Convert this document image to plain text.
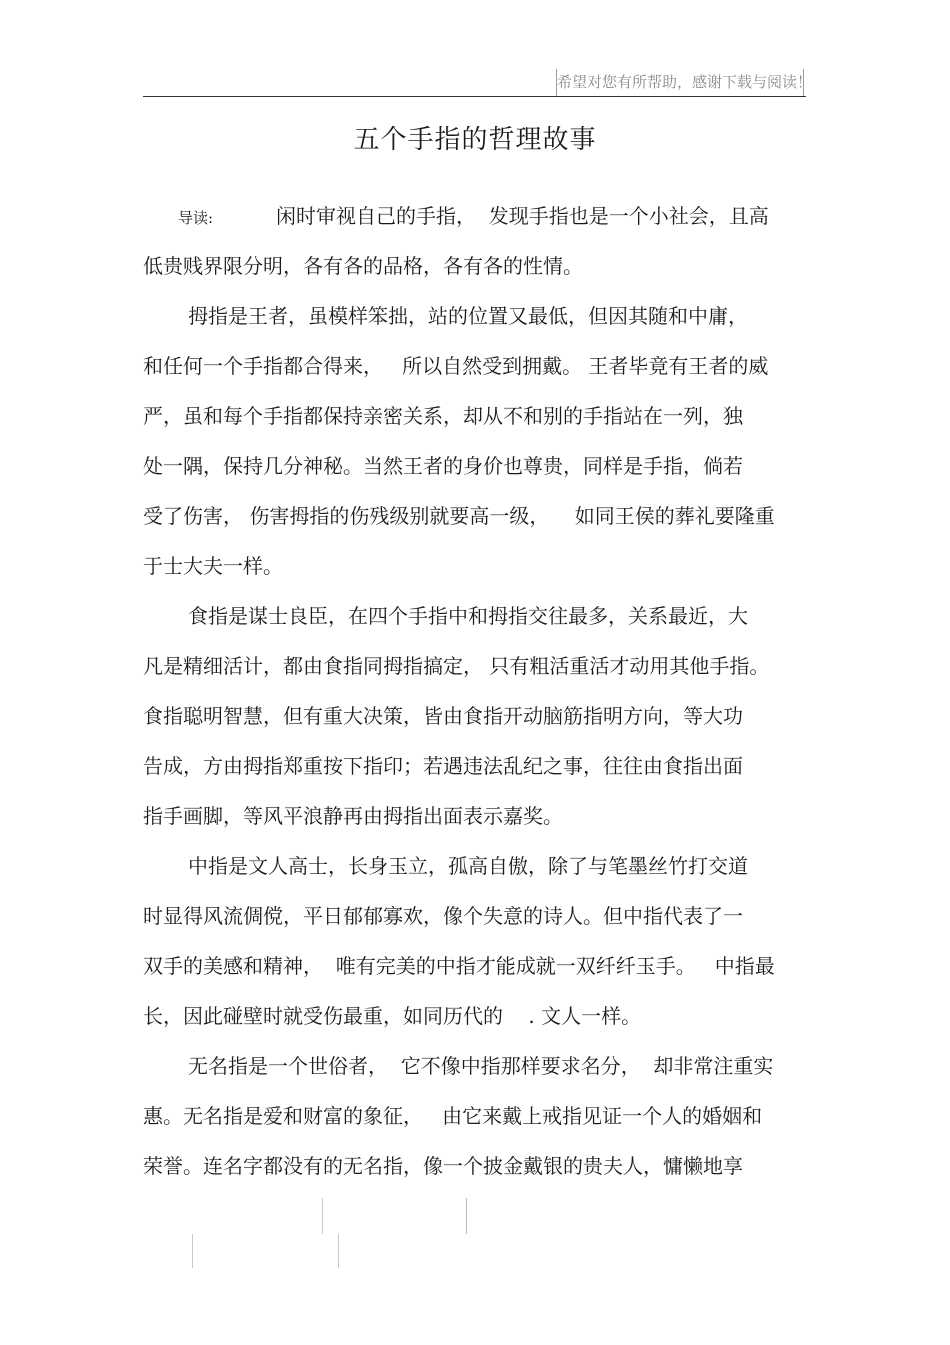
希望对您有所帮助，感谢下载与阅读！
五个手指的哲理故事
导读:	闲时审视自己的手指，  发现手指也是一个小社会，且高
低贵贱界限分明，各有各的品格，各有各的性情。
拇指是王者，虽模样笨拙，站的位置又最低，但因其随和中庸，
和任何一个手指都合得来，   所以自然受到拥戴。 王者毕竟有王者的威
严，虽和每个手指都保持亲密关系，却从不和别的手指站在一列，独
处一隅，保持几分神秘。当然王者的身价也尊贵，同样是手指，倘若
受了伤害， 伤害拇指的伤残级别就要高一级，    如同王侯的葬礼要隆重
于士大夫一样。
食指是谋士良臣，在四个手指中和拇指交往最多，关系最近，大
凡是精细活计，都由食指同拇指搞定， 只有粗活重活才动用其他手指。
食指聪明智慧，但有重大决策，皆由食指开动脑筋指明方向，等大功
告成，方由拇指郑重按下指印；若遇违法乱纪之事，往往由食指出面
指手画脚，等风平浪静再由拇指出面表示嘉奖。
中指是文人高士，长身玉立，孤高自傲，除了与笔墨丝竹打交道
时显得风流倜傥，平日郁郁寡欢，像个失意的诗人。但中指代表了一
双手的美感和精神，  唯有完美的中指才能成就一双纤纤玉手。   中指最
长，因此碰壁时就受伤最重，如同历代的    . 文人一样。
无名指是一个世俗者，  它不像中指那样要求名分，  却非常注重实
惠。无名指是爱和财富的象征，   由它来戴上戒指见证一个人的婚姻和
荣誉。连名字都没有的无名指，像一个披金戴银的贵夫人，慵懒地享
